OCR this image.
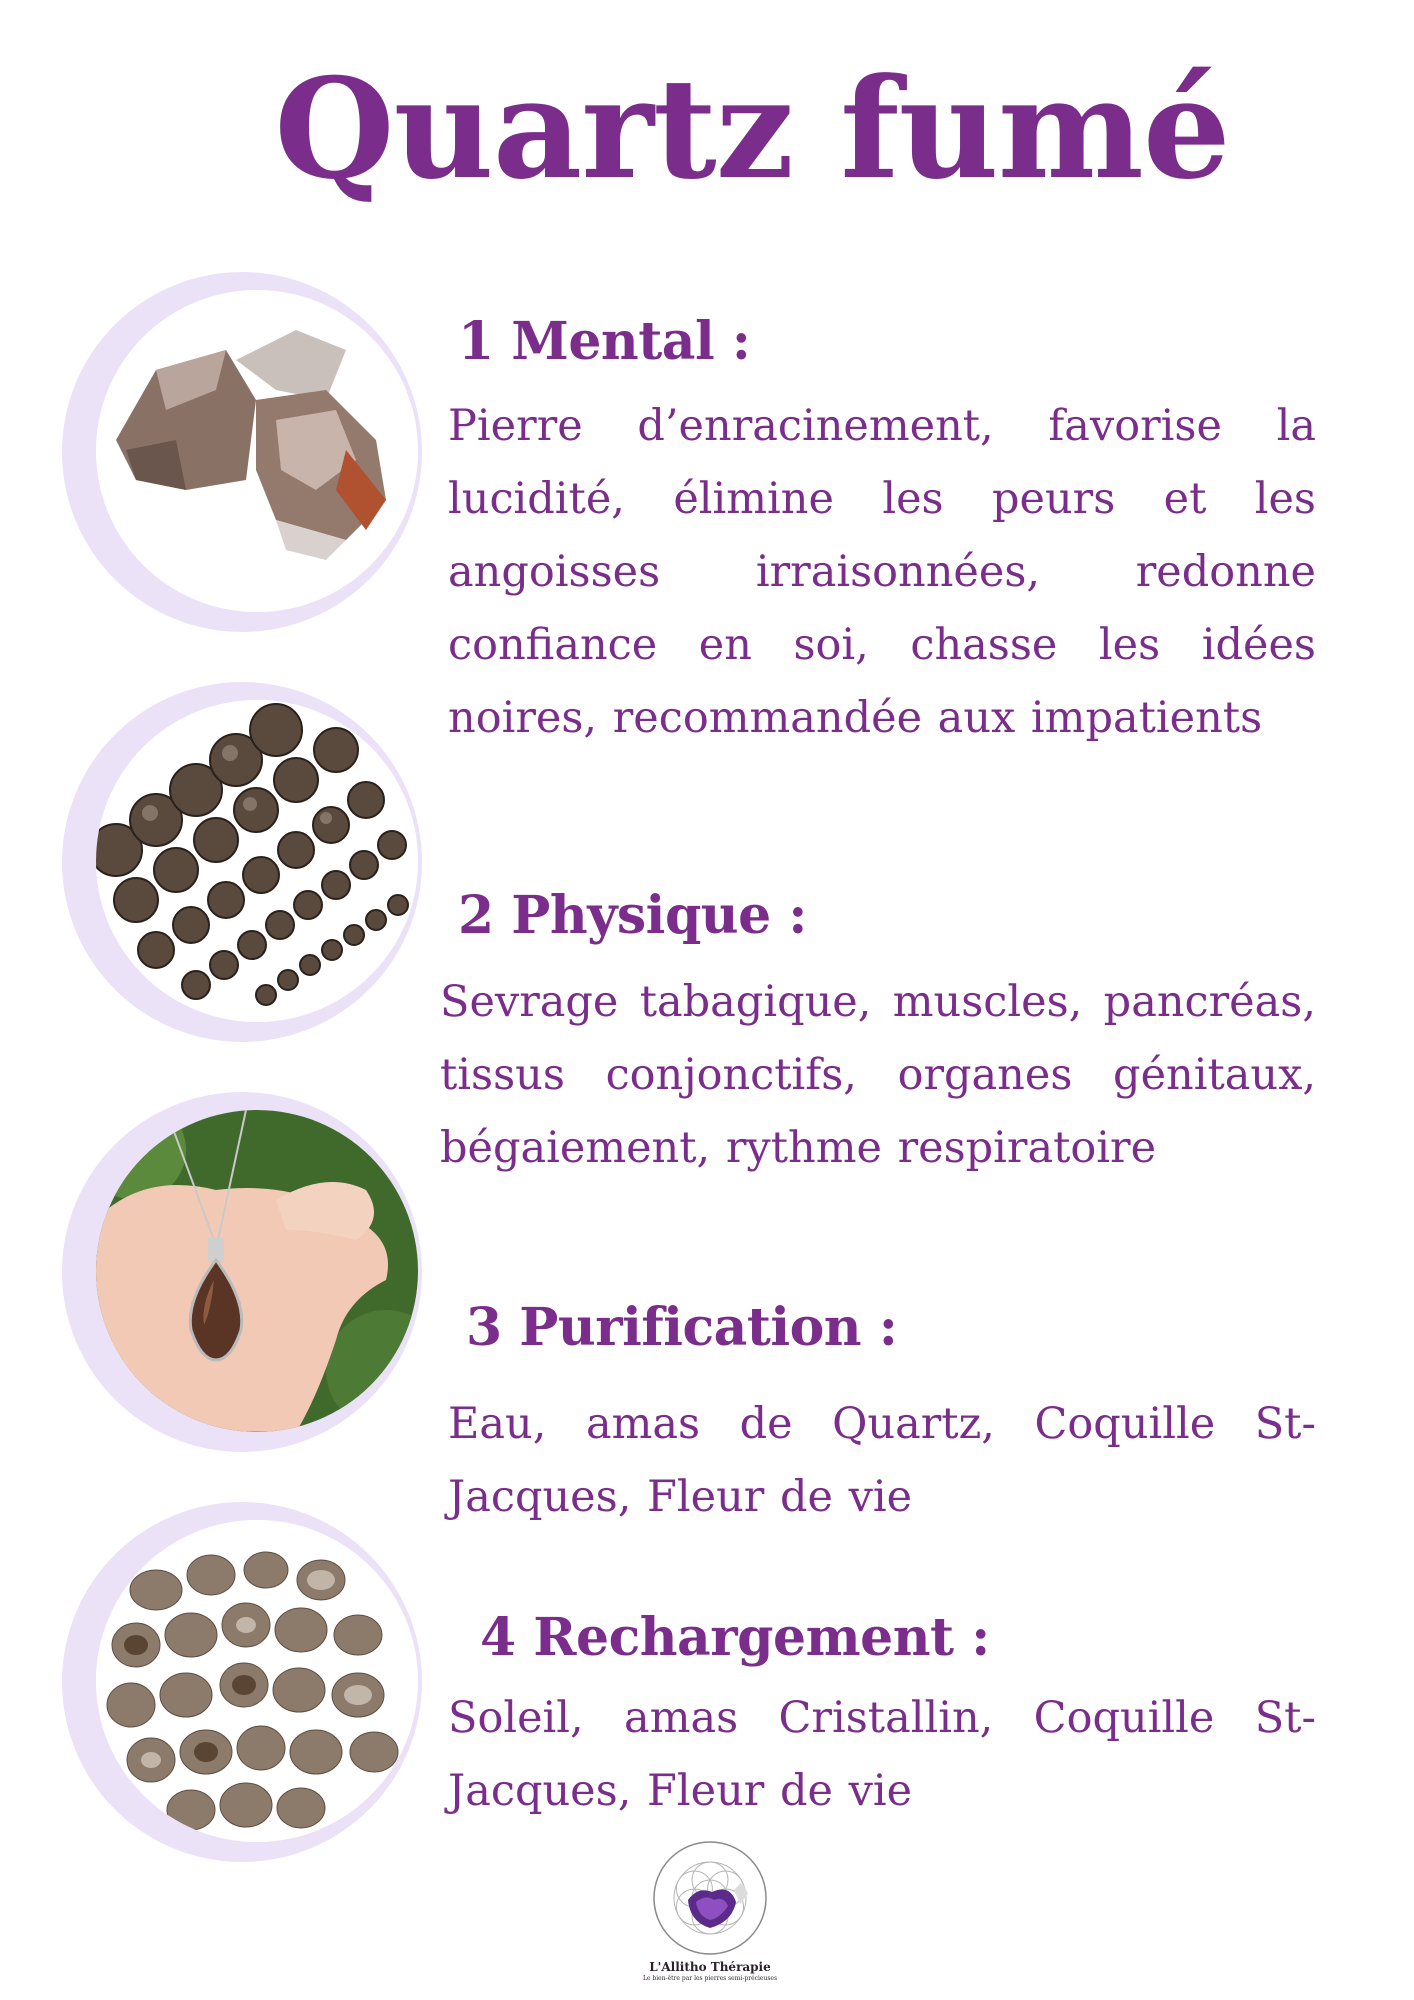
Quartz fumé
1 Mental :
Pierre d’enracinement, favorise la lucidité, élimine les peurs et les angoisses irraisonnées, redonne confiance en soi, chasse les idées noires, recommandée aux impatients
2 Physique :
Sevrage tabagique, muscles, pancréas, tissus conjonctifs, organes génitaux, bégaiement, rythme respiratoire
3 Purification :
Eau, amas de Quartz, Coquille St-Jacques, Fleur de vie
4 Rechargement :
Soleil, amas Cristallin, Coquille St-Jacques, Fleur de vie
L'Allitho Thérapie
Le bien-être par les pierres semi-précieuses
